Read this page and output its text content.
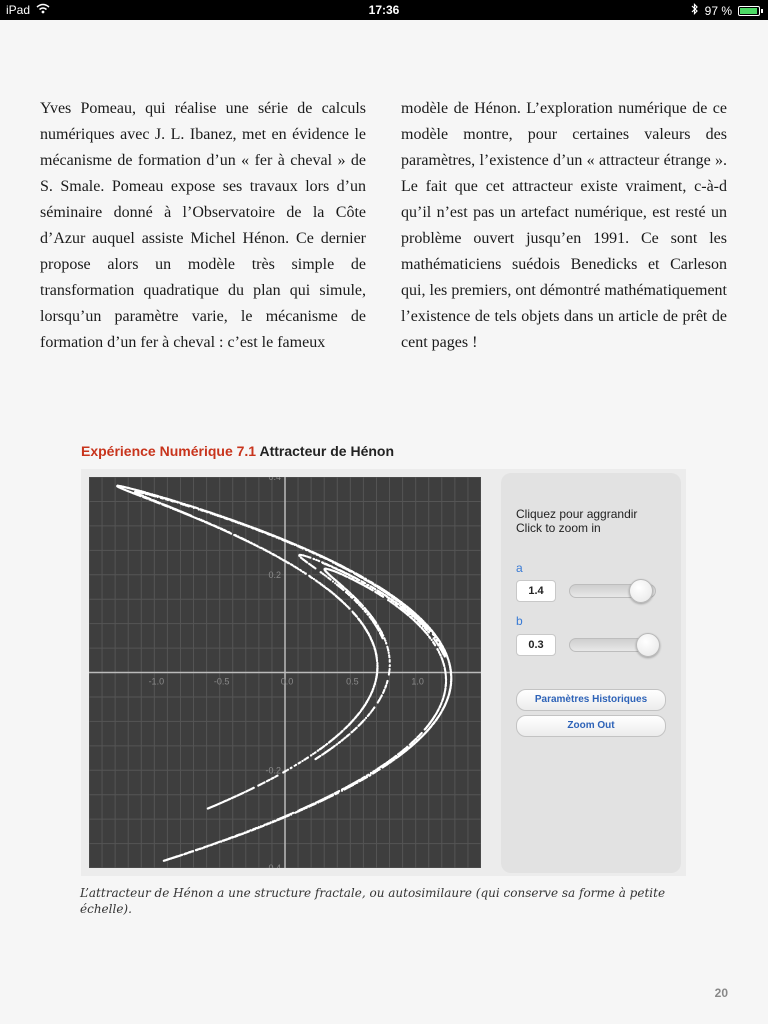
iPad	17:36	97 %
Yves Pomeau, qui réalise une série de calculs numériques avec J. L. Ibanez, met en évidence le mécanisme de formation d’un « fer à cheval » de S. Smale. Pomeau expose ses travaux lors d’un séminaire donné à l’Observatoire de la Côte d’Azur auquel assiste Michel Hénon. Ce dernier propose alors un modèle très simple de transformation quadratique du plan qui simule, lorsqu’un paramètre varie, le mécanisme de formation d’un fer à cheval : c’est le fameux
modèle de Hénon. L’exploration numérique de ce modèle montre, pour certaines valeurs des paramètres, l’existence d’un « attracteur étrange ». Le fait que cet attracteur existe vraiment, c-à-d qu’il n’est pas un artefact numérique, est resté un problème ouvert jusqu’en 1991. Ce sont les mathématiciens suédois Benedicks et Carleson qui, les premiers, ont démontré mathématiquement l’existence de tels objets dans un article de prêt de cent pages !
Expérience Numérique 7.1 Attracteur de Hénon
-1.0	-0.5	0.0	0.5	1.0
0.4
0.2
-0.2
-0.4
Cliquez pour aggrandir
Click to zoom in
a
1.4
b
0.3
Paramètres Historiques
Zoom Out
L’attracteur de Hénon a une structure fractale, ou autosimilaure (qui conserve sa forme à petite échelle).
20
